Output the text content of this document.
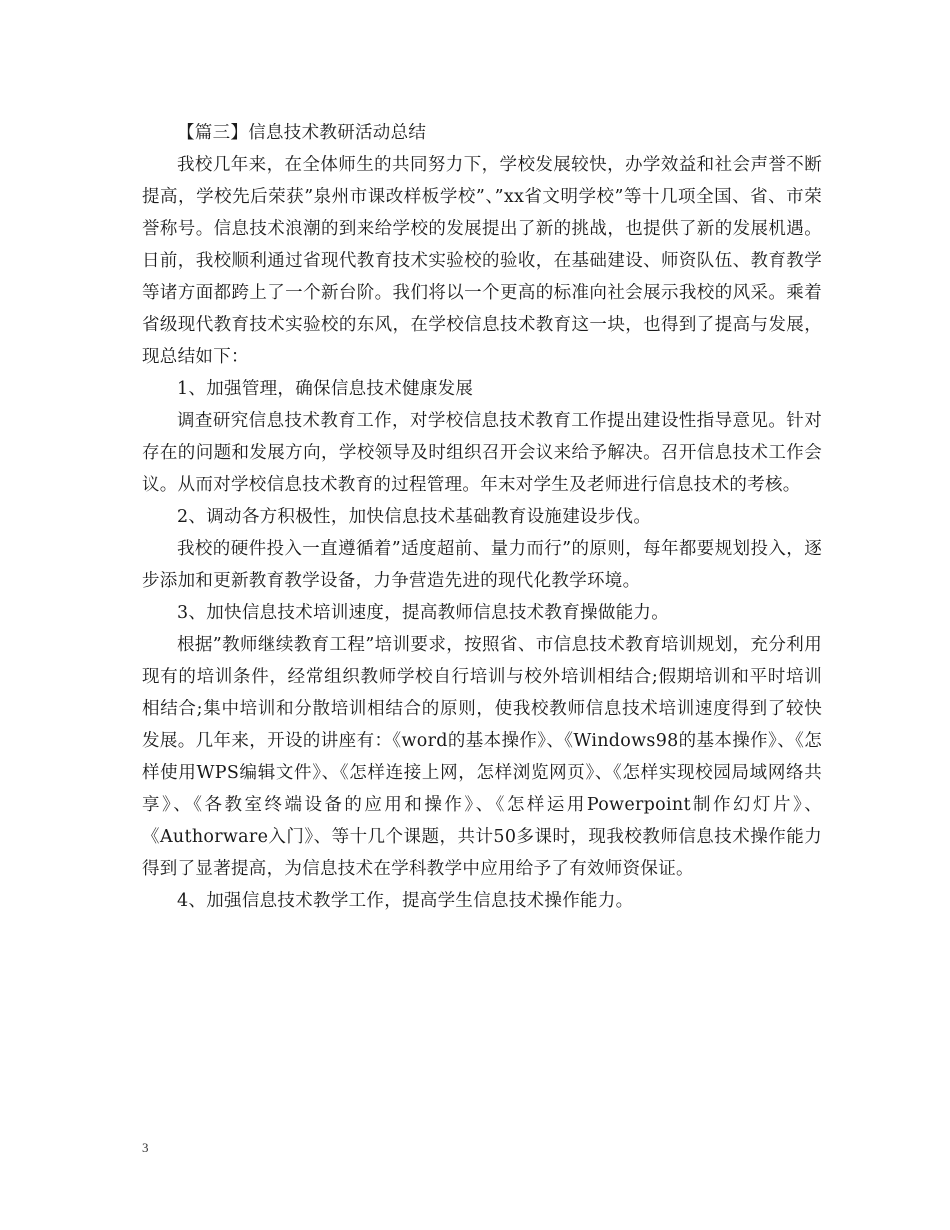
【篇三】信息技术教研活动总结

我校几年来，在全体师生的共同努力下，学校发展较快，办学效益和社会声誉不断提高，学校先后荣获”泉州市课改样板学校”、”xx省文明学校”等十几项全国、省、市荣誉称号。信息技术浪潮的到来给学校的发展提出了新的挑战，也提供了新的发展机遇。日前，我校顺利通过省现代教育技术实验校的验收，在基础建设、师资队伍、教育教学等诸方面都跨上了一个新台阶。我们将以一个更高的标准向社会展示我校的风采。乘着省级现代教育技术实验校的东风，在学校信息技术教育这一块，也得到了提高与发展，现总结如下：

1、加强管理，确保信息技术健康发展

调查研究信息技术教育工作，对学校信息技术教育工作提出建设性指导意见。针对存在的问题和发展方向，学校领导及时组织召开会议来给予解决。召开信息技术工作会议。从而对学校信息技术教育的过程管理。年末对学生及老师进行信息技术的考核。

2、调动各方积极性，加快信息技术基础教育设施建设步伐。

我校的硬件投入一直遵循着”适度超前、量力而行”的原则，每年都要规划投入，逐步添加和更新教育教学设备，力争营造先进的现代化教学环境。

3、加快信息技术培训速度，提高教师信息技术教育操做能力。

根据”教师继续教育工程”培训要求，按照省、市信息技术教育培训规划，充分利用现有的培训条件，经常组织教师学校自行培训与校外培训相结合;假期培训和平时培训相结合;集中培训和分散培训相结合的原则，使我校教师信息技术培训速度得到了较快发展。几年来，开设的讲座有：《word的基本操作》、《Windows98的基本操作》、《怎样使用WPS编辑文件》、《怎样连接上网，怎样浏览网页》、《怎样实现校园局域网络共享》、《各教室终端设备的应用和操作》、《怎样运用Powerpoint制作幻灯片》、《Authorware入门》、等十几个课题，共计50多课时，现我校教师信息技术操作能力得到了显著提高，为信息技术在学科教学中应用给予了有效师资保证。

4、加强信息技术教学工作，提高学生信息技术操作能力。

3
